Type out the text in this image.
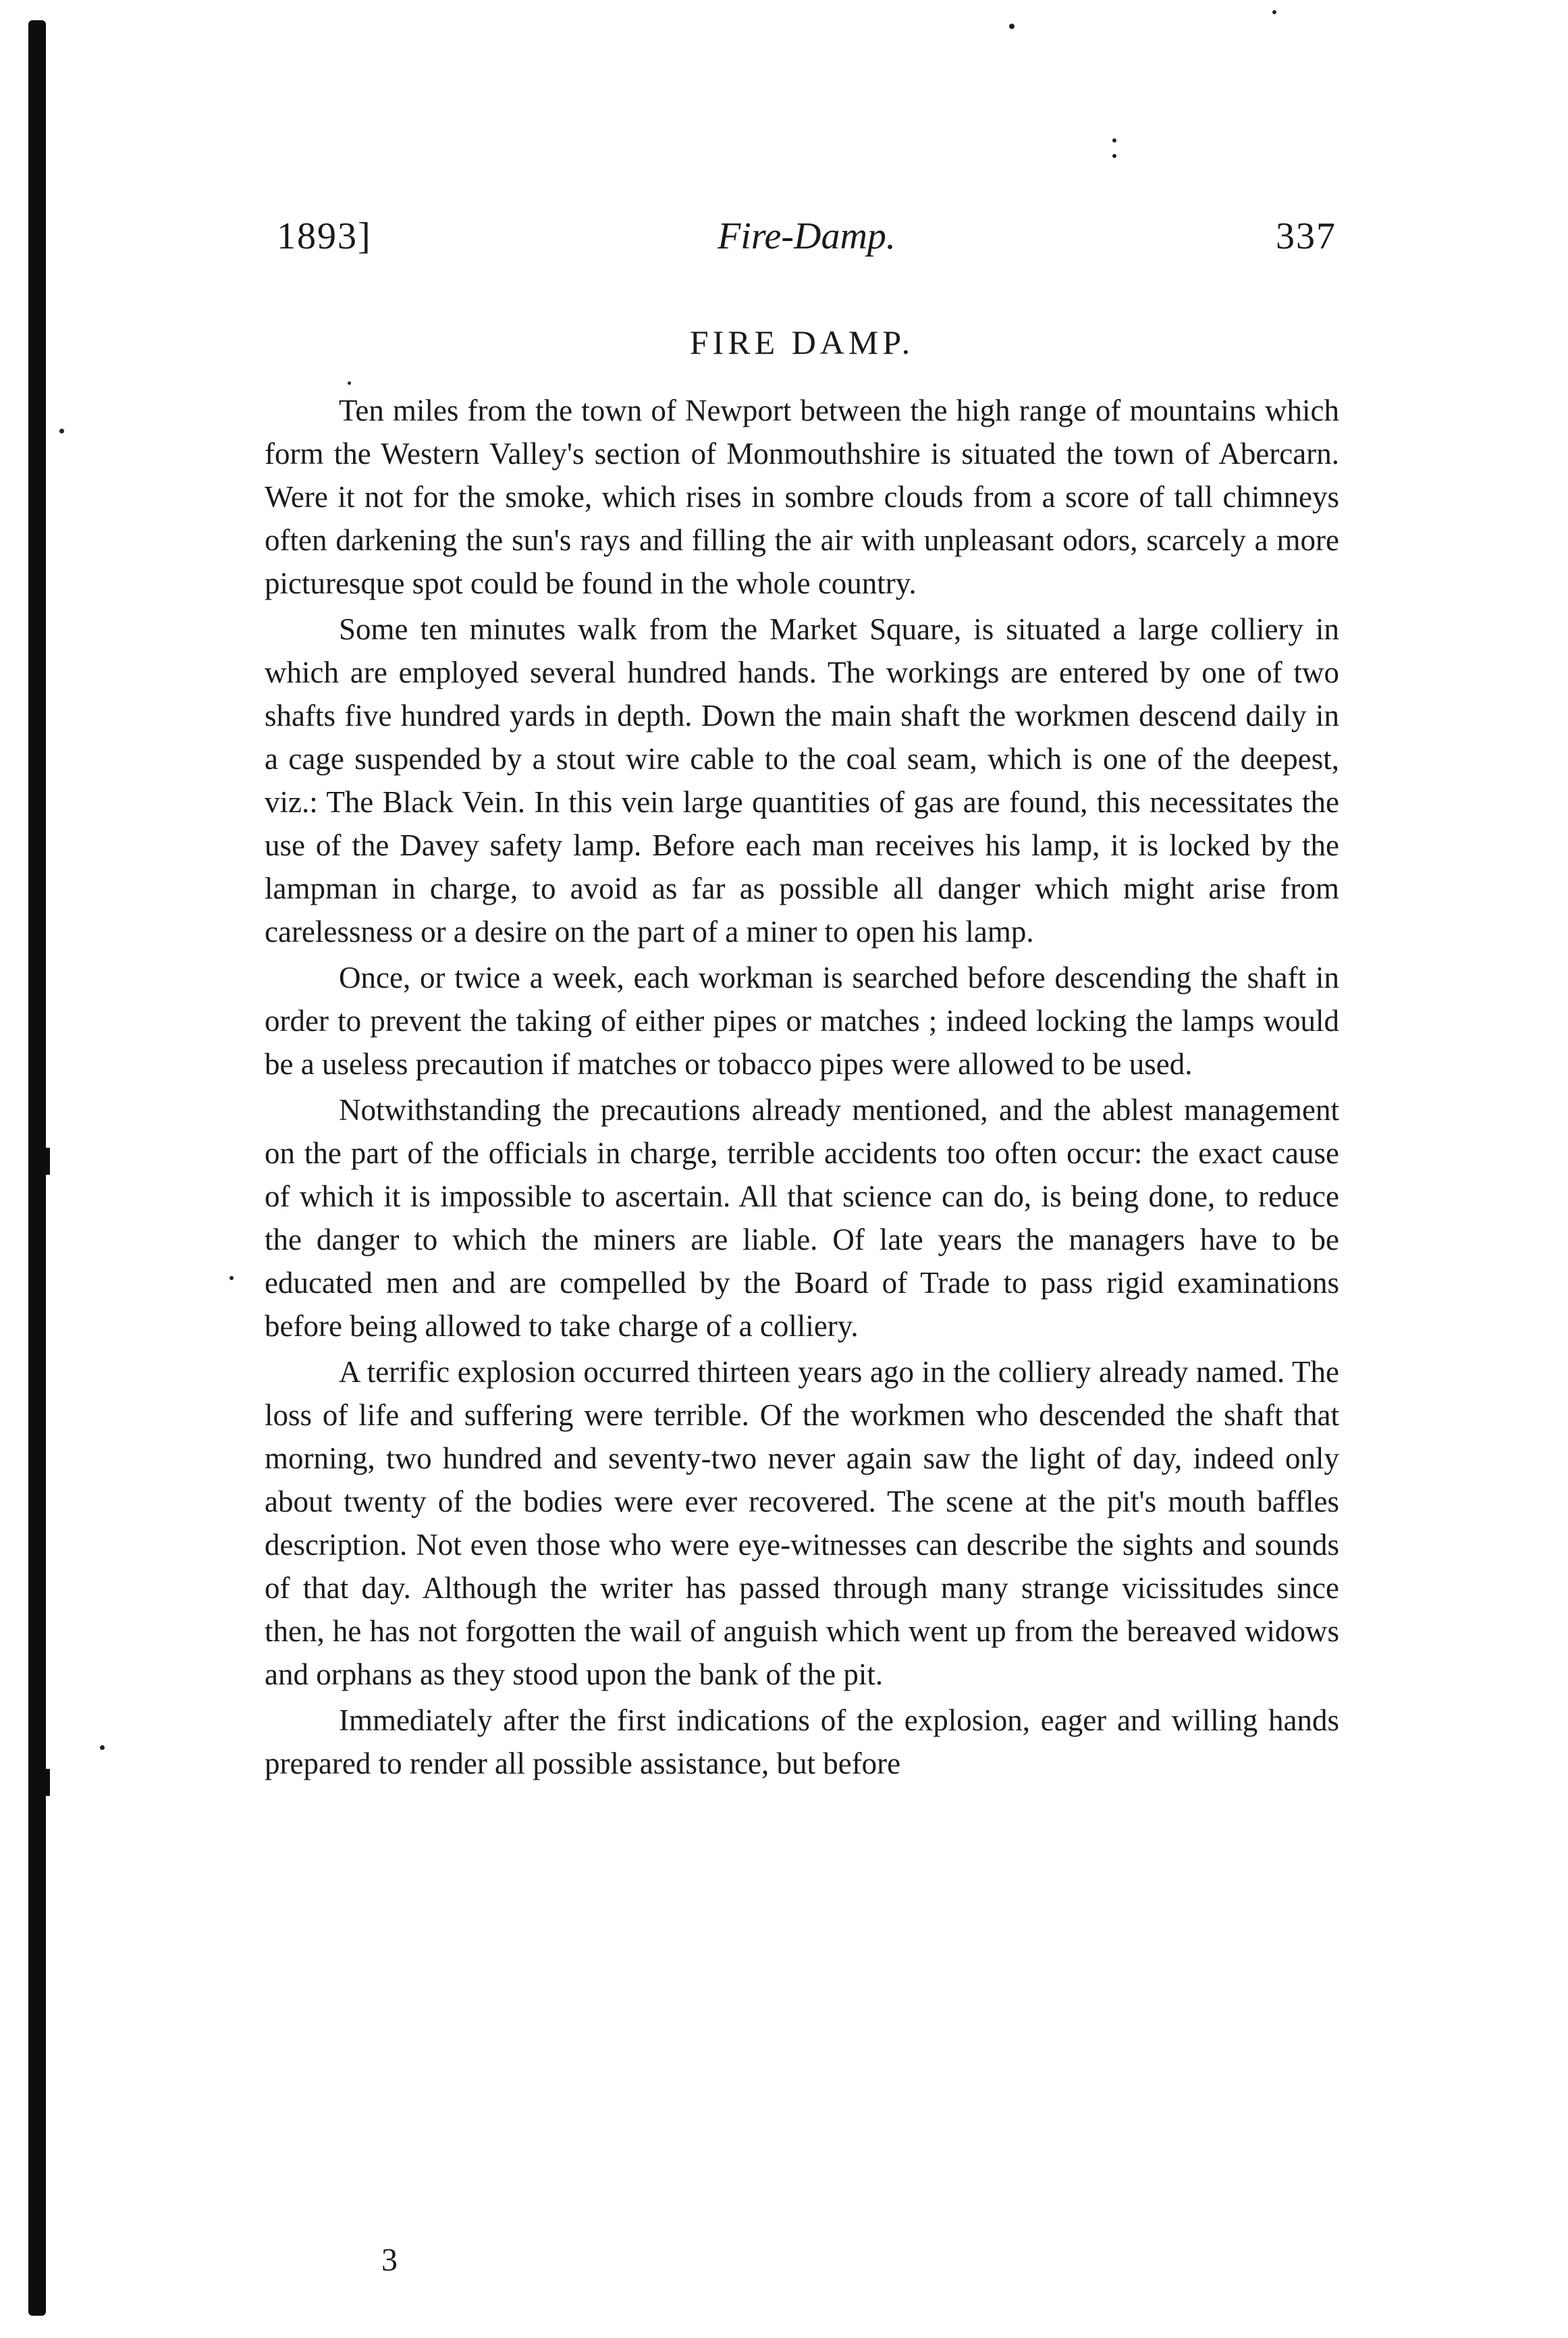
1893]	Fire-Damp.	337
FIRE DAMP.

Ten miles from the town of Newport between the high range of mountains which form the Western Valley's section of Monmouthshire is situated the town of Abercarn. Were it not for the smoke, which rises in sombre clouds from a score of tall chimneys often darkening the sun's rays and filling the air with unpleasant odors, scarcely a more picturesque spot could be found in the whole country.

Some ten minutes walk from the Market Square, is situated a large colliery in which are employed several hundred hands. The workings are entered by one of two shafts five hundred yards in depth. Down the main shaft the workmen descend daily in a cage suspended by a stout wire cable to the coal seam, which is one of the deepest, viz.: The Black Vein. In this vein large quantities of gas are found, this necessitates the use of the Davey safety lamp. Before each man receives his lamp, it is locked by the lampman in charge, to avoid as far as possible all danger which might arise from carelessness or a desire on the part of a miner to open his lamp.

Once, or twice a week, each workman is searched before descending the shaft in order to prevent the taking of either pipes or matches ; indeed locking the lamps would be a useless precaution if matches or tobacco pipes were allowed to be used.

Notwithstanding the precautions already mentioned, and the ablest management on the part of the officials in charge, terrible accidents too often occur: the exact cause of which it is impossible to ascertain. All that science can do, is being done, to reduce the danger to which the miners are liable. Of late years the managers have to be educated men and are compelled by the Board of Trade to pass rigid examinations before being allowed to take charge of a colliery.

A terrific explosion occurred thirteen years ago in the colliery already named. The loss of life and suffering were terrible. Of the workmen who descended the shaft that morning, two hundred and seventy-two never again saw the light of day, indeed only about twenty of the bodies were ever recovered. The scene at the pit's mouth baffles description. Not even those who were eye-witnesses can describe the sights and sounds of that day. Although the writer has passed through many strange vicissitudes since then, he has not forgotten the wail of anguish which went up from the bereaved widows and orphans as they stood upon the bank of the pit.

Immediately after the first indications of the explosion, eager and willing hands prepared to render all possible assistance, but before

3
